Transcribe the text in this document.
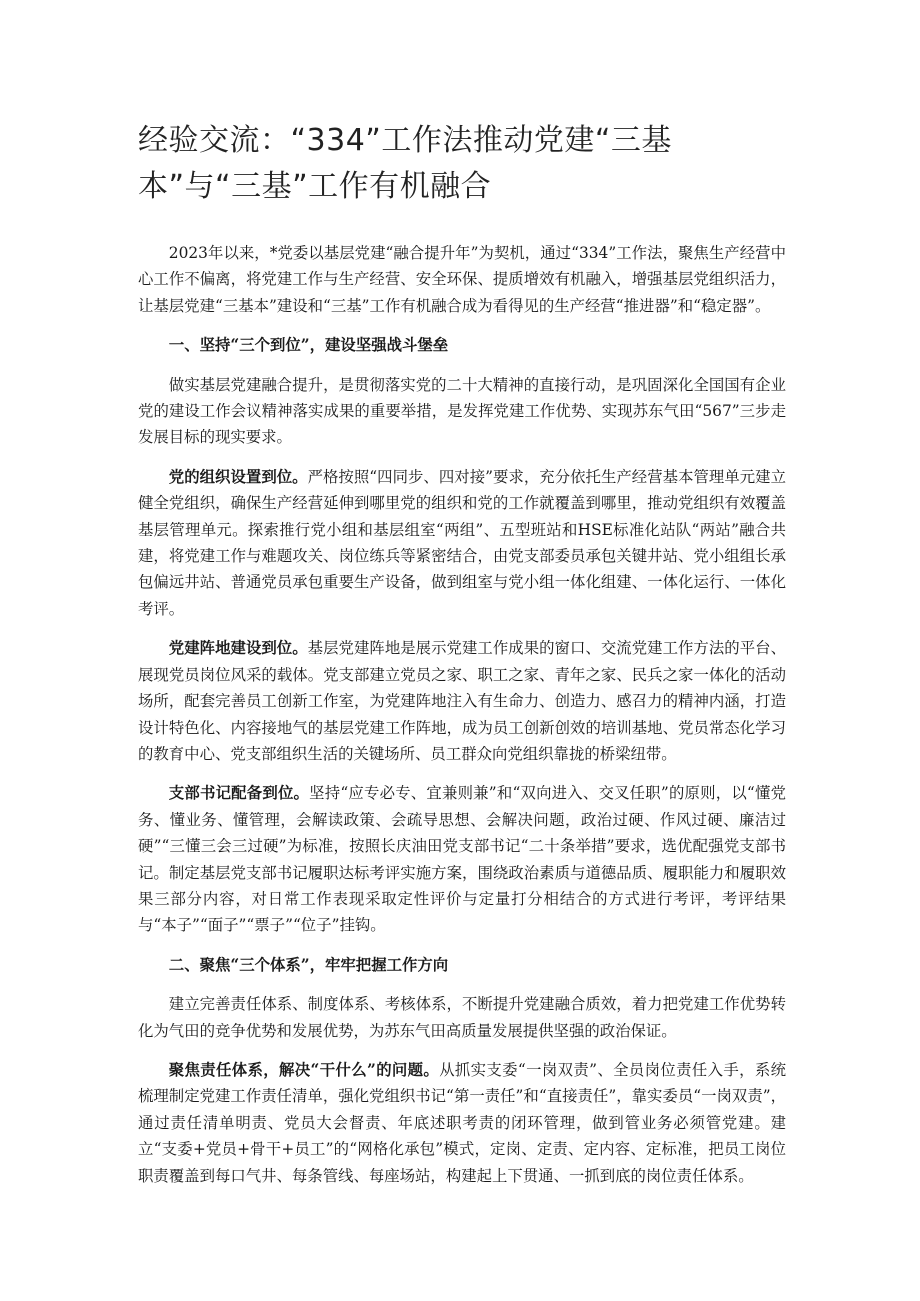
经验交流：“334”工作法推动党建“三基本”与“三基”工作有机融合

2023年以来，*党委以基层党建“融合提升年”为契机，通过“334”工作法，聚焦生产经营中心工作不偏离，将党建工作与生产经营、安全环保、提质增效有机融入，增强基层党组织活力，让基层党建“三基本”建设和“三基”工作有机融合成为看得见的生产经营“推进器”和“稳定器”。

一、坚持“三个到位”，建设坚强战斗堡垒

做实基层党建融合提升，是贯彻落实党的二十大精神的直接行动，是巩固深化全国国有企业党的建设工作会议精神落实成果的重要举措，是发挥党建工作优势、实现苏东气田“567”三步走发展目标的现实要求。

党的组织设置到位。严格按照“四同步、四对接”要求，充分依托生产经营基本管理单元建立健全党组织，确保生产经营延伸到哪里党的组织和党的工作就覆盖到哪里，推动党组织有效覆盖基层管理单元。探索推行党小组和基层组室“两组”、五型班站和HSE标准化站队“两站”融合共建，将党建工作与难题攻关、岗位练兵等紧密结合，由党支部委员承包关键井站、党小组组长承包偏远井站、普通党员承包重要生产设备，做到组室与党小组一体化组建、一体化运行、一体化考评。

党建阵地建设到位。基层党建阵地是展示党建工作成果的窗口、交流党建工作方法的平台、展现党员岗位风采的载体。党支部建立党员之家、职工之家、青年之家、民兵之家一体化的活动场所，配套完善员工创新工作室，为党建阵地注入有生命力、创造力、感召力的精神内涵，打造设计特色化、内容接地气的基层党建工作阵地，成为员工创新创效的培训基地、党员常态化学习的教育中心、党支部组织生活的关键场所、员工群众向党组织靠拢的桥梁纽带。

支部书记配备到位。坚持“应专必专、宜兼则兼”和“双向进入、交叉任职”的原则，以“懂党务、懂业务、懂管理，会解读政策、会疏导思想、会解决问题，政治过硬、作风过硬、廉洁过硬”“三懂三会三过硬”为标准，按照长庆油田党支部书记“二十条举措”要求，选优配强党支部书记。制定基层党支部书记履职达标考评实施方案，围绕政治素质与道德品质、履职能力和履职效果三部分内容，对日常工作表现采取定性评价与定量打分相结合的方式进行考评，考评结果与“本子”“面子”“票子”“位子”挂钩。

二、聚焦“三个体系”，牢牢把握工作方向

建立完善责任体系、制度体系、考核体系，不断提升党建融合质效，着力把党建工作优势转化为气田的竞争优势和发展优势，为苏东气田高质量发展提供坚强的政治保证。

聚焦责任体系，解决“干什么”的问题。从抓实支委“一岗双责”、全员岗位责任入手，系统梳理制定党建工作责任清单，强化党组织书记“第一责任”和“直接责任”，靠实委员“一岗双责”，通过责任清单明责、党员大会督责、年底述职考责的闭环管理，做到管业务必须管党建。建立“支委+党员+骨干+员工”的“网格化承包”模式，定岗、定责、定内容、定标准，把员工岗位职责覆盖到每口气井、每条管线、每座场站，构建起上下贯通、一抓到底的岗位责任体系。
